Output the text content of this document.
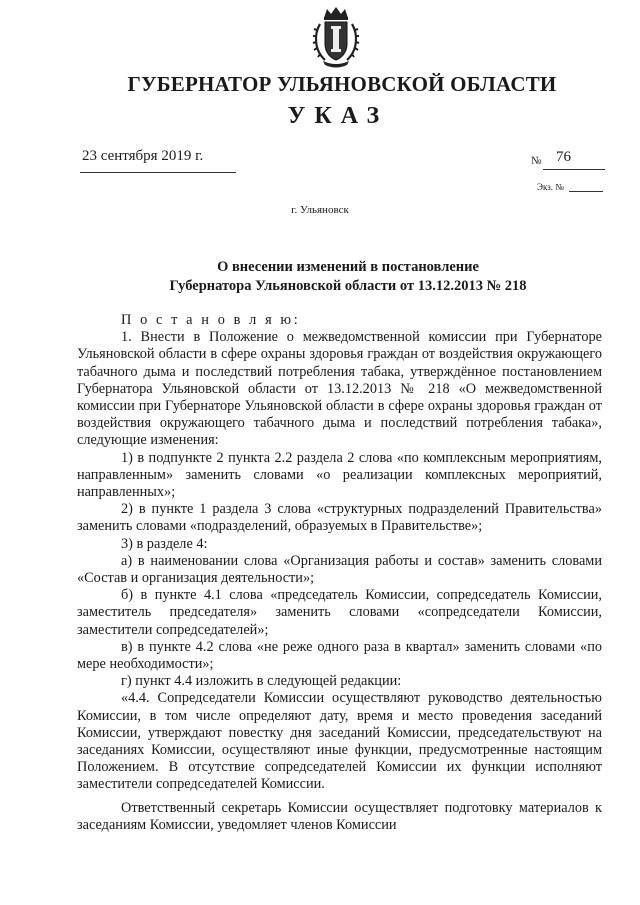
ГУБЕРНАТОР УЛЬЯНОВСКОЙ ОБЛАСТИ
УКАЗ
23 сентября 2019 г.	№ 76
Экз. №
г. Ульяновск
О внесении изменений в постановление
Губернатора Ульяновской области от 13.12.2013 № 218

П о с т а н о в л я ю:

1. Внести в Положение о межведомственной комиссии при Губернаторе Ульяновской области в сфере охраны здоровья граждан от воздействия окружающего табачного дыма и последствий потребления табака, утверждённое постановлением Губернатора Ульяновской области от 13.12.2013 № 218 «О межведомственной комиссии при Губернаторе Ульяновской области в сфере охраны здоровья граждан от воздействия окружающего табачного дыма и последствий потребления табака», следующие изменения:

1) в подпункте 2 пункта 2.2 раздела 2 слова «по комплексным мероприятиям, направленным» заменить словами «о реализации комплексных мероприятий, направленных»;

2) в пункте 1 раздела 3 слова «структурных подразделений Правительства» заменить словами «подразделений, образуемых в Правительстве»;

3) в разделе 4:

а) в наименовании слова «Организация работы и состав» заменить словами «Состав и организация деятельности»;

б) в пункте 4.1 слова «председатель Комиссии, сопредседатель Комиссии, заместитель председателя» заменить словами «сопредседатели Комиссии, заместители сопредседателей»;

в) в пункте 4.2 слова «не реже одного раза в квартал» заменить словами «по мере необходимости»;

г) пункт 4.4 изложить в следующей редакции:

«4.4. Сопредседатели Комиссии осуществляют руководство деятельностью Комиссии, в том числе определяют дату, время и место проведения заседаний Комиссии, утверждают повестку дня заседаний Комиссии, председательствуют на заседаниях Комиссии, осуществляют иные функции, предусмотренные настоящим Положением. В отсутствие сопредседателей Комиссии их функции исполняют заместители сопредседателей Комиссии.

Ответственный секретарь Комиссии осуществляет подготовку материалов к заседаниям Комиссии, уведомляет членов Комиссии
